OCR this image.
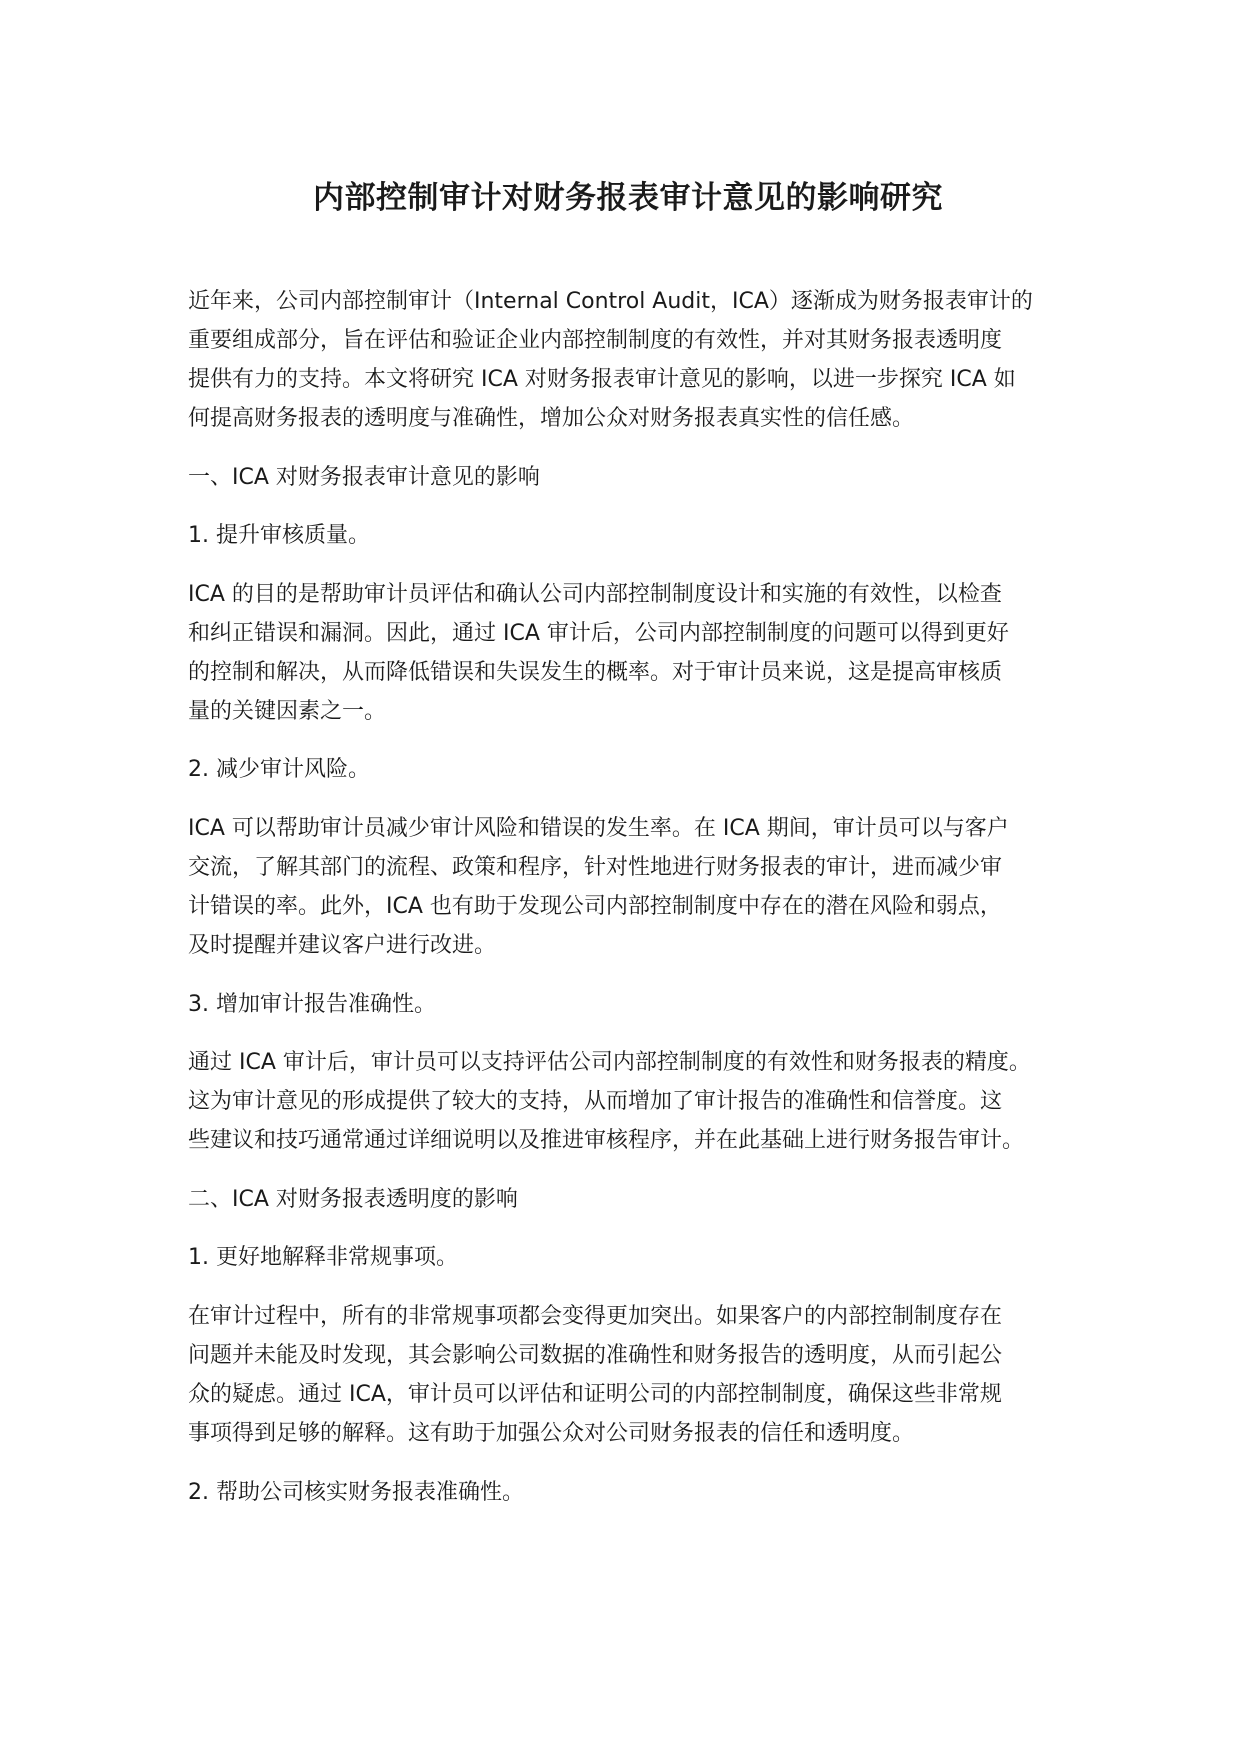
内部控制审计对财务报表审计意见的影响研究
近年来，公司内部控制审计（Internal Control Audit，ICA）逐渐成为财务报表审计的
重要组成部分，旨在评估和验证企业内部控制制度的有效性，并对其财务报表透明度
提供有力的支持。本文将研究 ICA 对财务报表审计意见的影响，以进一步探究 ICA 如
何提高财务报表的透明度与准确性，增加公众对财务报表真实性的信任感。
一、ICA 对财务报表审计意见的影响
1. 提升审核质量。
ICA 的目的是帮助审计员评估和确认公司内部控制制度设计和实施的有效性，以检查
和纠正错误和漏洞。因此，通过 ICA 审计后，公司内部控制制度的问题可以得到更好
的控制和解决，从而降低错误和失误发生的概率。对于审计员来说，这是提高审核质
量的关键因素之一。
2. 减少审计风险。
ICA 可以帮助审计员减少审计风险和错误的发生率。在 ICA 期间，审计员可以与客户
交流，了解其部门的流程、政策和程序，针对性地进行财务报表的审计，进而减少审
计错误的率。此外，ICA 也有助于发现公司内部控制制度中存在的潜在风险和弱点，
及时提醒并建议客户进行改进。
3. 增加审计报告准确性。
通过 ICA 审计后，审计员可以支持评估公司内部控制制度的有效性和财务报表的精度。
这为审计意见的形成提供了较大的支持，从而增加了审计报告的准确性和信誉度。这
些建议和技巧通常通过详细说明以及推进审核程序，并在此基础上进行财务报告审计。
二、ICA 对财务报表透明度的影响
1. 更好地解释非常规事项。
在审计过程中，所有的非常规事项都会变得更加突出。如果客户的内部控制制度存在
问题并未能及时发现，其会影响公司数据的准确性和财务报告的透明度，从而引起公
众的疑虑。通过 ICA，审计员可以评估和证明公司的内部控制制度，确保这些非常规
事项得到足够的解释。这有助于加强公众对公司财务报表的信任和透明度。
2. 帮助公司核实财务报表准确性。
